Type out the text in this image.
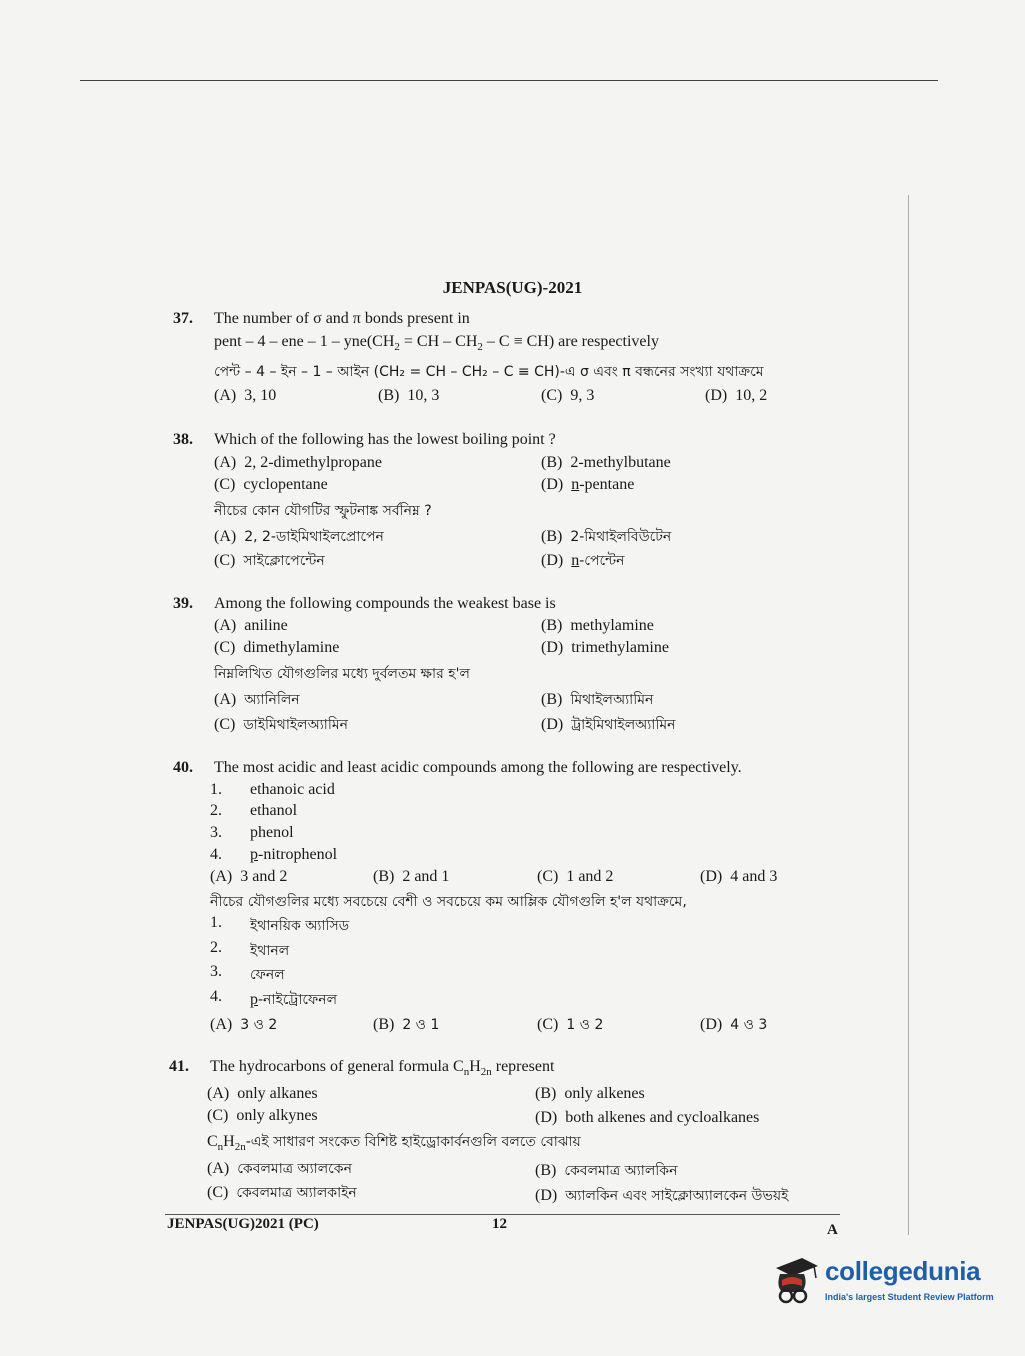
JENPAS(UG)-2021
37. The number of σ and π bonds present in
pent – 4 – ene – $1 - yne(CH_2$ = CH – $CH_2 - C \equiv CH$) are respectively
পেন্ট – 4 – ইন – 1 – আইন (CH₂ = CH – CH₂ – C ≡ CH)-এ σ এবং π বন্ধনের সংখ্যা যথাক্রমে
(A) 3, 10	(B) 10, 3	(C) 9, 3	(D) 10, 2
38. Which of the following has the lowest boiling point ?
(A) 2, 2-dimethylpropane	(B) 2-methylbutane
(C) cyclopentane	(D) n-pentane
নীচের কোন যৌগটির স্ফুটনাঙ্ক সর্বনিম্ন ?
(A) 2, 2-ডাইমিথাইলপ্রোপেন	(B) 2-মিথাইলবিউটেন
(C) সাইক্লোপেন্টেন	(D) n-পেন্টেন
39. Among the following compounds the weakest base is
(A) aniline	(B) methylamine
(C) dimethylamine	(D) trimethylamine
নিম্নলিখিত যৌগগুলির মধ্যে দুর্বলতম ক্ষার হ'ল
(A) অ্যানিলিন	(B) মিথাইলঅ্যামিন
(C) ডাইমিথাইলঅ্যামিন	(D) ট্রাইমিথাইলঅ্যামিন
40. The most acidic and least acidic compounds among the following are respectively.
1. ethanoic acid
2. ethanol
3. phenol
4. p-nitrophenol
(A) 3 and 2	(B) 2 and 1	(C) 1 and 2	(D) 4 and 3
নীচের যৌগগুলির মধ্যে সবচেয়ে বেশী ও সবচেয়ে কম আম্লিক যৌগগুলি হ'ল যথাক্রমে,
1. ইথানয়িক অ্যাসিড
2. ইথানল
3. ফেনল
4. p-নাইট্রোফেনল
(A) 3 ও 2	(B) 2 ও 1	(C) 1 ও 2	(D) 4 ও 3
41. The hydrocarbons of general formula $C_nH_{2n}$ represent
(A) only alkanes	(B) only alkenes
(C) only alkynes	(D) both alkenes and cycloalkanes
$C_nH_{2n}-এই$ সাধারণ সংকেত বিশিষ্ট হাইড্রোকার্বনগুলি বলতে বোঝায়
(A) কেবলমাত্র অ্যালকেন	(B) কেবলমাত্র অ্যালকিন
(C) কেবলমাত্র অ্যালকাইন	(D) অ্যালকিন এবং সাইক্লোঅ্যালকেন উভয়ই
JENPAS(UG)2021 (PC)	12	A
collegedunia
India's largest Student Review Platform
